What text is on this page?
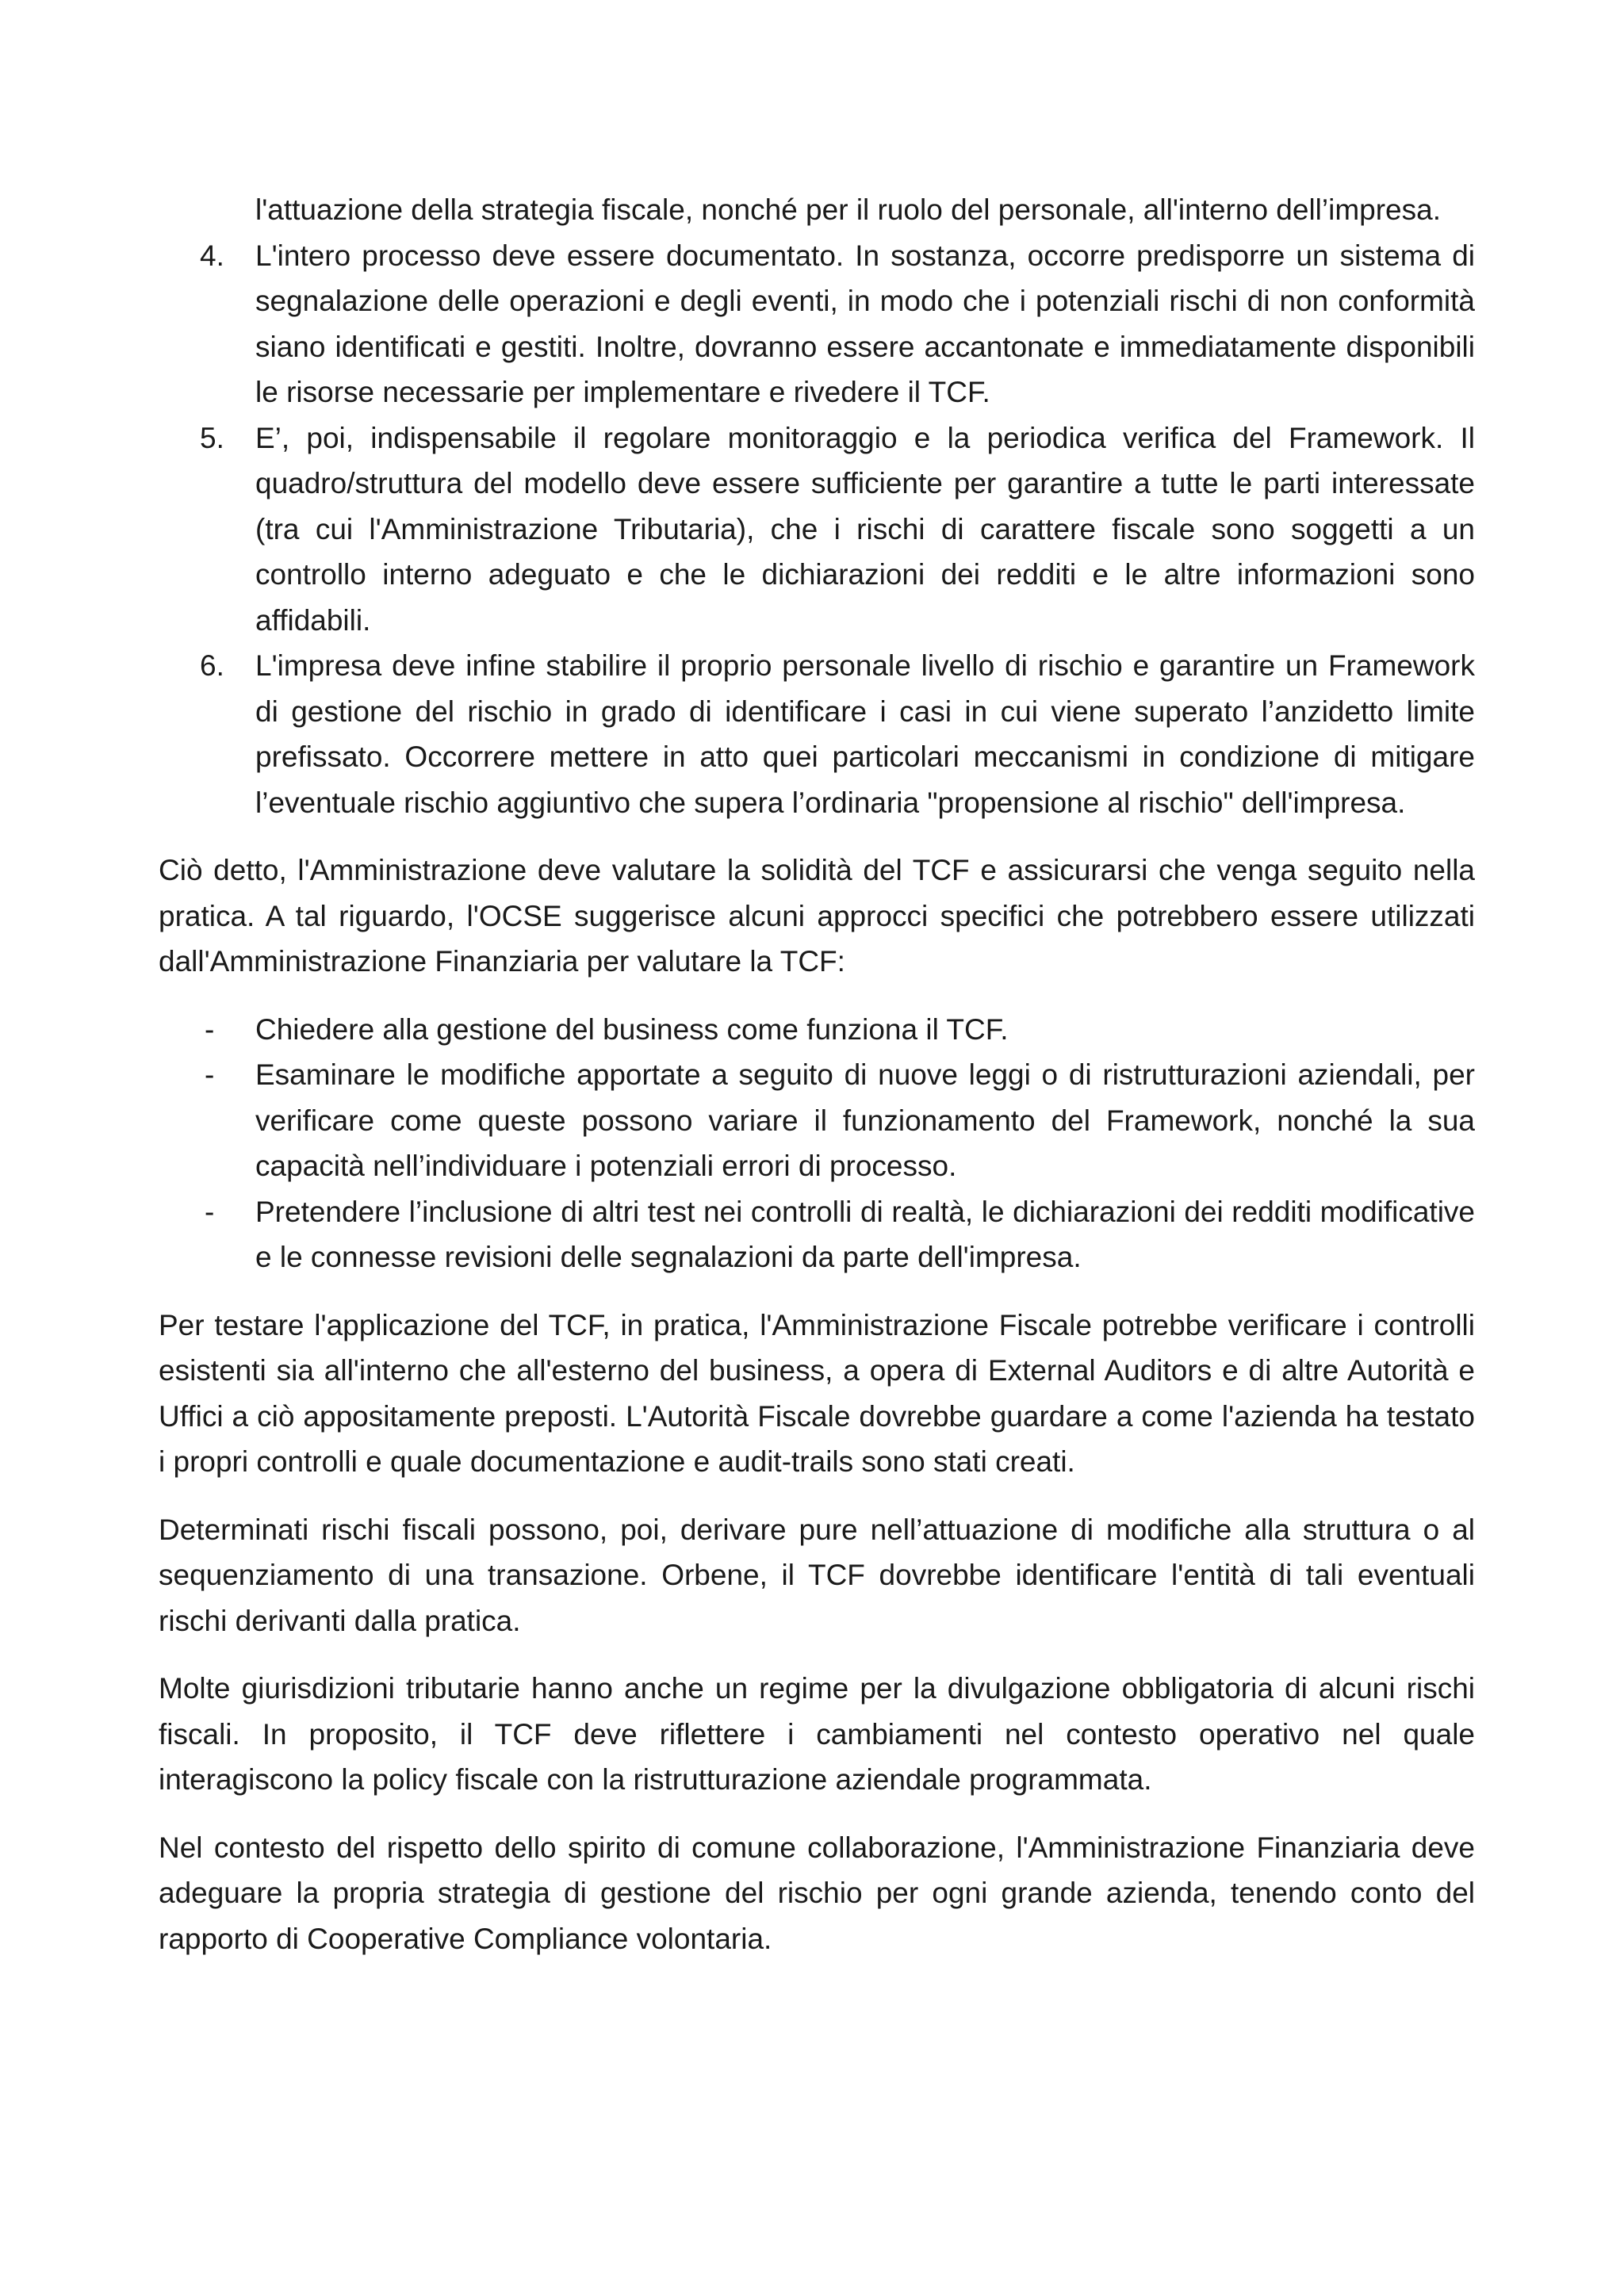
l'attuazione della strategia fiscale, nonché per il ruolo del personale, all'interno dell’impresa.
4. L'intero processo deve essere documentato. In sostanza, occorre predisporre un sistema di segnalazione delle operazioni e degli eventi, in modo che i potenziali rischi di non conformità siano identificati e gestiti. Inoltre, dovranno essere accantonate e immediatamente disponibili le risorse necessarie per implementare e rivedere il TCF.
5. E’, poi, indispensabile il regolare monitoraggio e la periodica verifica del Framework. Il quadro/struttura del modello deve essere sufficiente per garantire a tutte le parti interessate (tra cui l'Amministrazione Tributaria), che i rischi di carattere fiscale sono soggetti a un controllo interno adeguato e che le dichiarazioni dei redditi e le altre informazioni sono affidabili.
6. L'impresa deve infine stabilire il proprio personale livello di rischio e garantire un Framework di gestione del rischio in grado di identificare i casi in cui viene superato l’anzidetto limite prefissato. Occorrere mettere in atto quei particolari meccanismi in condizione di mitigare l’eventuale rischio aggiuntivo che supera l’ordinaria "propensione al rischio" dell'impresa.

Ciò detto, l'Amministrazione deve valutare la solidità del TCF e assicurarsi che venga seguito nella pratica. A tal riguardo, l'OCSE suggerisce alcuni approcci specifici che potrebbero essere utilizzati dall'Amministrazione Finanziaria per valutare la TCF:

- Chiedere alla gestione del business come funziona il TCF.
- Esaminare le modifiche apportate a seguito di nuove leggi o di ristrutturazioni aziendali, per verificare come queste possono variare il funzionamento del Framework, nonché la sua capacità nell’individuare i potenziali errori di processo.
- Pretendere l’inclusione di altri test nei controlli di realtà, le dichiarazioni dei redditi modificative e le connesse revisioni delle segnalazioni da parte dell'impresa.

Per testare l'applicazione del TCF, in pratica, l'Amministrazione Fiscale potrebbe verificare i controlli esistenti sia all'interno che all'esterno del business, a opera di External Auditors e di altre Autorità e Uffici a ciò appositamente preposti. L'Autorità Fiscale dovrebbe guardare a come l'azienda ha testato i propri controlli e quale documentazione e audit-trails sono stati creati.

Determinati rischi fiscali possono, poi, derivare pure nell’attuazione di modifiche alla struttura o al sequenziamento di una transazione. Orbene, il TCF dovrebbe identificare l'entità di tali eventuali rischi derivanti dalla pratica.

Molte giurisdizioni tributarie hanno anche un regime per la divulgazione obbligatoria di alcuni rischi fiscali. In proposito, il TCF deve riflettere i cambiamenti nel contesto operativo nel quale interagiscono la policy fiscale con la ristrutturazione aziendale programmata.

Nel contesto del rispetto dello spirito di comune collaborazione, l'Amministrazione Finanziaria deve adeguare la propria strategia di gestione del rischio per ogni grande azienda, tenendo conto del rapporto di Cooperative Compliance volontaria.
